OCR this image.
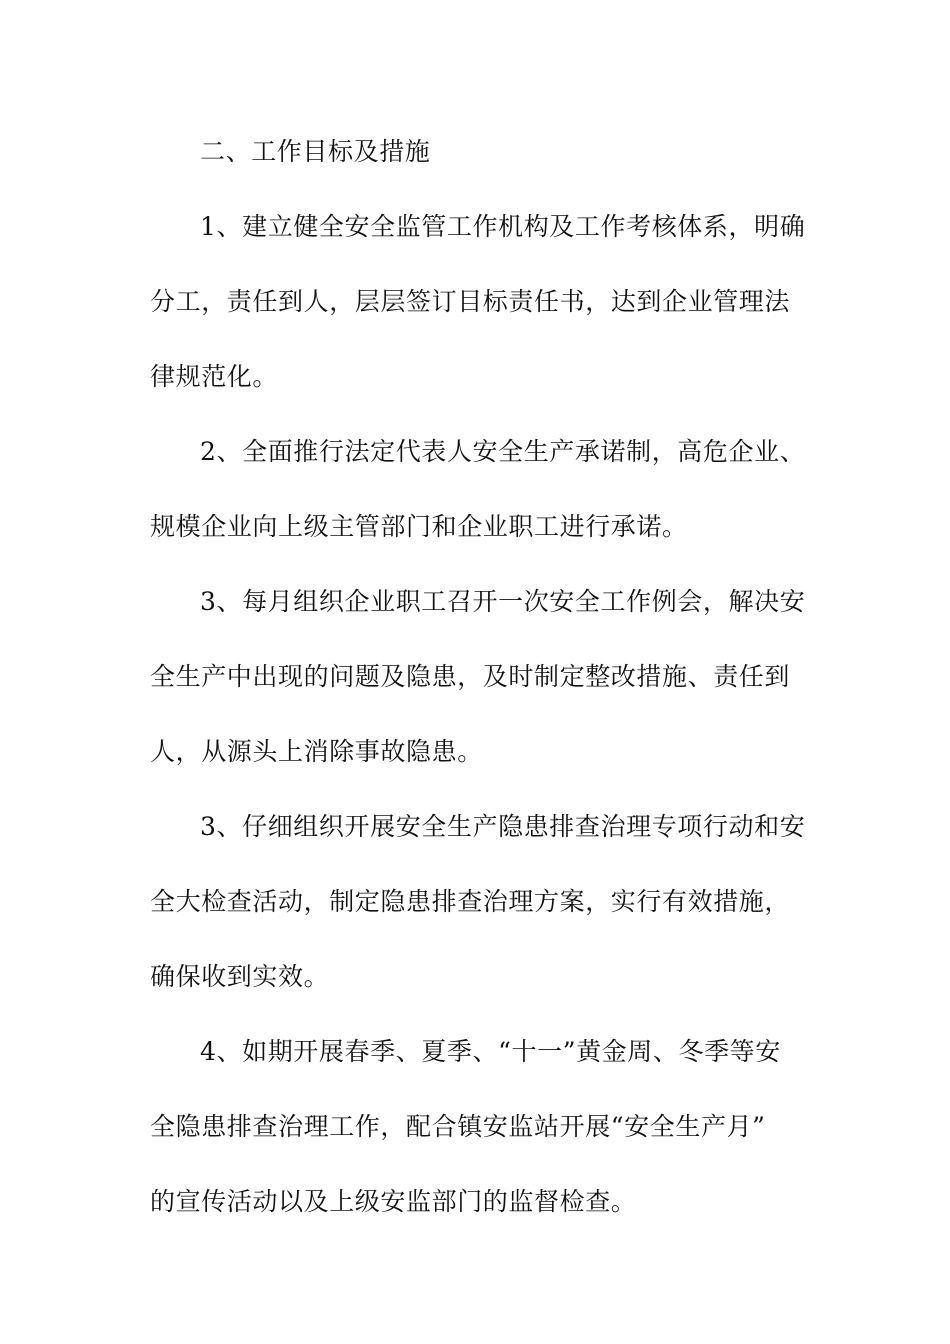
二、工作目标及措施
1、建立健全安全监管工作机构及工作考核体系，明确
分工，责任到人，层层签订目标责任书，达到企业管理法
律规范化。
2、全面推行法定代表人安全生产承诺制，高危企业、
规模企业向上级主管部门和企业职工进行承诺。
3、每月组织企业职工召开一次安全工作例会，解决安
全生产中出现的问题及隐患，及时制定整改措施、责任到
人，从源头上消除事故隐患。
3、仔细组织开展安全生产隐患排查治理专项行动和安
全大检查活动，制定隐患排查治理方案，实行有效措施，
确保收到实效。
4、如期开展春季、夏季、“十一”黄金周、冬季等安
全隐患排查治理工作，配合镇安监站开展“安全生产月”
的宣传活动以及上级安监部门的监督检查。
